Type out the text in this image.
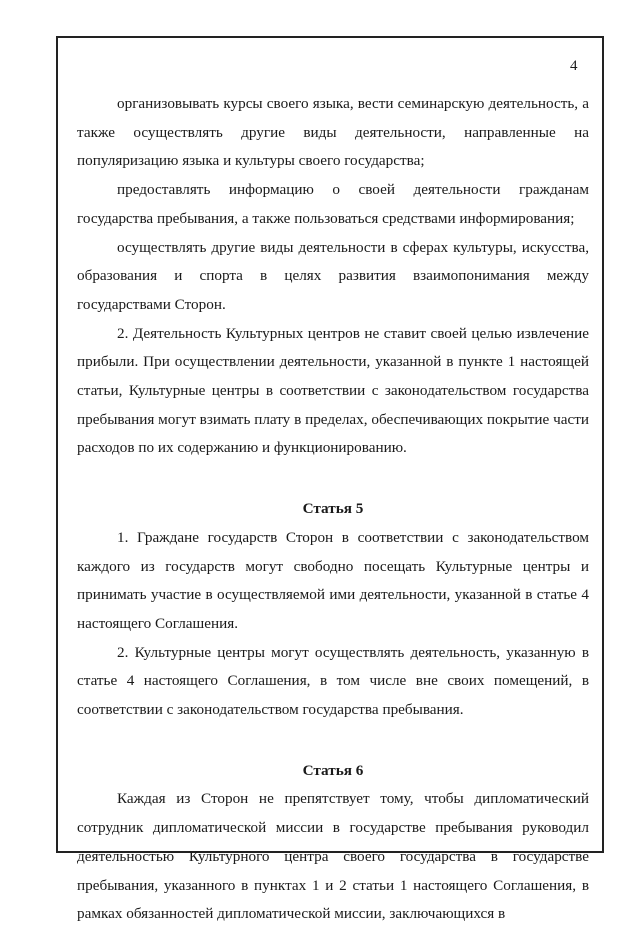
4

организовывать курсы своего языка, вести семинарскую деятельность, а также осуществлять другие виды деятельности, направленные на популяризацию языка и культуры своего государства;

предоставлять информацию о своей деятельности гражданам государства пребывания, а также пользоваться средствами информирования;

осуществлять другие виды деятельности в сферах культуры, искусства, образования и спорта в целях развития взаимопонимания между государствами Сторон.

2. Деятельность Культурных центров не ставит своей целью извлечение прибыли. При осуществлении деятельности, указанной в пункте 1 настоящей статьи, Культурные центры в соответствии с законодательством государства пребывания могут взимать плату в пределах, обеспечивающих покрытие части расходов по их содержанию и функционированию.

Статья 5

1. Граждане государств Сторон в соответствии с законодательством каждого из государств могут свободно посещать Культурные центры и принимать участие в осуществляемой ими деятельности, указанной в статье 4 настоящего Соглашения.

2. Культурные центры могут осуществлять деятельность, указанную в статье 4 настоящего Соглашения, в том числе вне своих помещений, в соответствии с законодательством государства пребывания.

Статья 6

Каждая из Сторон не препятствует тому, чтобы дипломатический сотрудник дипломатической миссии в государстве пребывания руководил деятельностью Культурного центра своего государства в государстве пребывания, указанного в пунктах 1 и 2 статьи 1 настоящего Соглашения, в рамках обязанностей дипломатической миссии, заключающихся в
